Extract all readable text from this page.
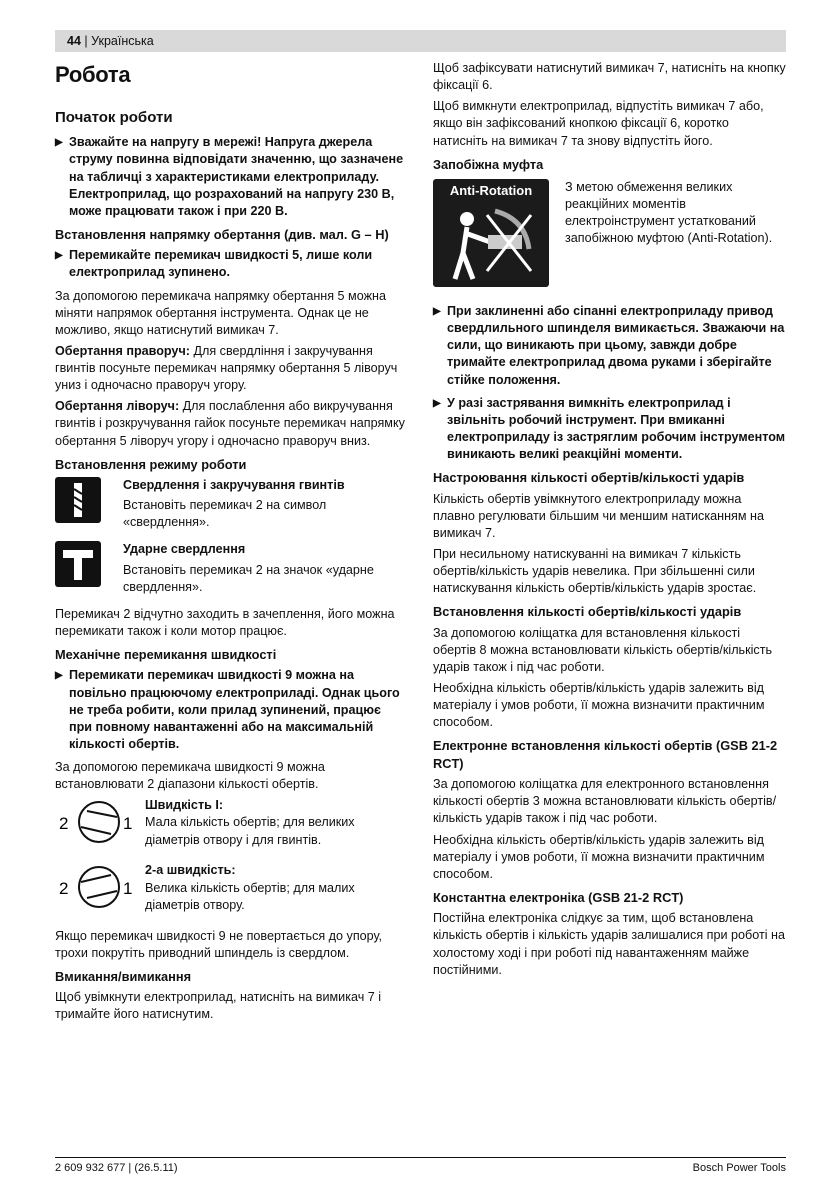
44 | Українська
Робота
Початок роботи
▶ Зважайте на напругу в мережі! Напруга джерела струму повинна відповідати значенню, що зазначене на табличці з характеристиками електроприладу. Електроприлад, що розрахований на напругу 230 В, може працювати також і при 220 В.
Встановлення напрямку обертання (див. мал. G – H)
▶ Перемикайте перемикач швидкості 5, лише коли електроприлад зупинено.

За допомогою перемикача напрямку обертання 5 можна міняти напрямок обертання інструмента. Однак це не можливо, якщо натиснутий вимикач 7.

Обертання праворуч: Для свердління і закручування гвинтів посуньте перемикач напрямку обертання 5 ліворуч униз і одночасно праворуч угору.

Обертання ліворуч: Для послаблення або викручування гвинтів і розкручування гайок посуньте перемикач напрямку обертання 5 ліворуч угору і одночасно праворуч вниз.

Встановлення режиму роботи
Свердлення і закручування гвинтів
Встановіть перемикач 2 на символ «свердлення».
Ударне свердлення
Встановіть перемикач 2 на значок «ударне свердлення».

Перемикач 2 відчутно заходить в зачеплення, його можна перемикати також і коли мотор працює.

Механічне перемикання швидкості
▶ Перемикати перемикач швидкості 9 можна на повільно працюючому електроприладі. Однак цього не треба робити, коли прилад зупинений, працює при повному навантаженні або на максимальній кількості обертів.

За допомогою перемикача швидкості 9 можна встановлювати 2 діапазони кількості обертів.

2	1
Швидкість I:
Мала кількість обертів; для великих діаметрів отвору і для гвинтів.
2	1
2-а швидкість:
Велика кількість обертів; для малих діаметрів отвору.

Якщо перемикач швидкості 9 не повертається до упору, трохи покрутіть приводний шпиндель із свердлом.

Вмикання/вимикання

Щоб увімкнути електроприлад, натисніть на вимикач 7 і тримайте його натиснутим.

Щоб зафіксувати натиснутий вимикач 7, натисніть на кнопку фіксації 6.

Щоб вимкнути електроприлад, відпустіть вимикач 7 або, якщо він зафіксований кнопкою фіксації 6, коротко натисніть на вимикач 7 та знову відпустіть його.

Запобіжна муфта
Anti-Rotation	З метою обмеження великих реакційних моментів електроінструмент устаткований запобіжною муфтою (Anti-Rotation).
▶ При заклиненні або сіпанні електроприладу привод свердлильного шпинделя вимикається. Зважаючи на сили, що виникають при цьому, завжди добре тримайте електроприлад двома руками і зберігайте стійке положення.
▶ У разі застрявання вимкніть електроприлад і звільніть робочий інструмент. При вмиканні електроприладу із застряглим робочим інструментом виникають великі реакційні моменти.
Настроювання кількості обертів/кількості ударів

Кількість обертів увімкнутого електроприладу можна плавно регулювати більшим чи меншим натисканням на вимикач 7.

При несильному натискуванні на вимикач 7 кількість обертів/кількість ударів невелика. При збільшенні сили натискування кількість обертів/кількість ударів зростає.

Встановлення кількості обертів/кількості ударів

За допомогою коліщатка для встановлення кількості обертів 8 можна встановлювати кількість обертів/кількість ударів також і під час роботи.

Необхідна кількість обертів/кількість ударів залежить від матеріалу і умов роботи, її можна визначити практичним способом.

Електронне встановлення кількості обертів (GSB 21-2 RCT)

За допомогою коліщатка для електронного встановлення кількості обертів 3 можна встановлювати кількість обертів/кількість ударів також і під час роботи.

Необхідна кількість обертів/кількість ударів залежить від матеріалу і умов роботи, її можна визначити практичним способом.

Константна електроніка (GSB 21-2 RCT)

Постійна електроніка слідкує за тим, щоб встановлена кількість обертів і кількість ударів залишалися при роботі на холостому ході і при роботі під навантаженням майже постійними.

2 609 932 677 | (26.5.11)	Bosch Power Tools
